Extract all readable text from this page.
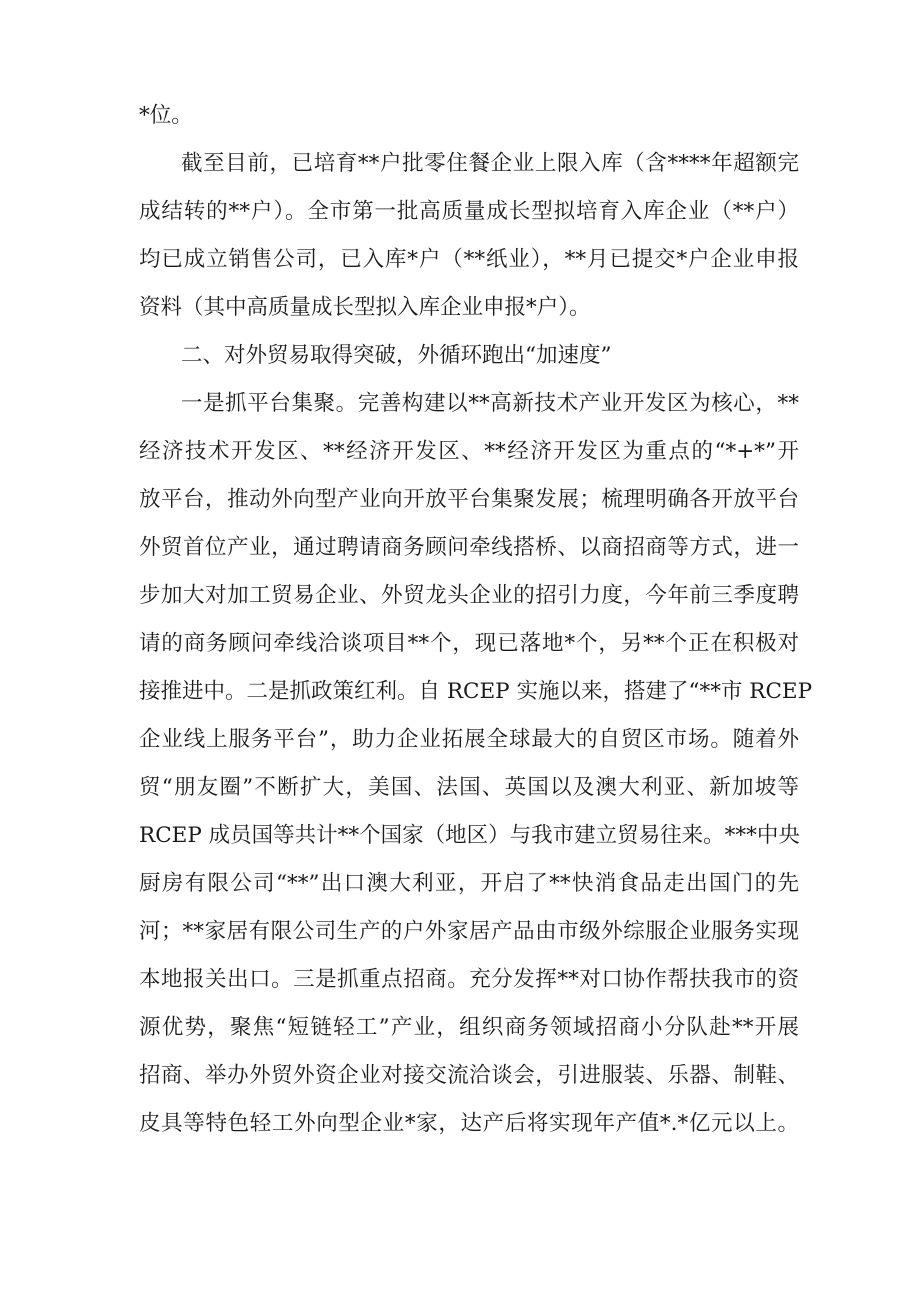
*位。
截至目前，已培育**户批零住餐企业上限入库（含****年超额完
成结转的**户）。全市第一批高质量成长型拟培育入库企业（**户）
均已成立销售公司，已入库*户（**纸业），**月已提交*户企业申报
资料（其中高质量成长型拟入库企业申报*户）。
二、对外贸易取得突破，外循环跑出“加速度”
一是抓平台集聚。完善构建以**高新技术产业开发区为核心，**
经济技术开发区、**经济开发区、**经济开发区为重点的“*+*”开
放平台，推动外向型产业向开放平台集聚发展；梳理明确各开放平台
外贸首位产业，通过聘请商务顾问牵线搭桥、以商招商等方式，进一
步加大对加工贸易企业、外贸龙头企业的招引力度，今年前三季度聘
请的商务顾问牵线洽谈项目**个，现已落地*个，另**个正在积极对
接推进中。二是抓政策红利。自 RCEP 实施以来，搭建了“**市 RCEP
企业线上服务平台”，助力企业拓展全球最大的自贸区市场。随着外
贸“朋友圈”不断扩大，美国、法国、英国以及澳大利亚、新加坡等
RCEP 成员国等共计**个国家（地区）与我市建立贸易往来。***中央
厨房有限公司“**”出口澳大利亚，开启了**快消食品走出国门的先
河；**家居有限公司生产的户外家居产品由市级外综服企业服务实现
本地报关出口。三是抓重点招商。充分发挥**对口协作帮扶我市的资
源优势，聚焦“短链轻工”产业，组织商务领域招商小分队赴**开展
招商、举办外贸外资企业对接交流洽谈会，引进服装、乐器、制鞋、
皮具等特色轻工外向型企业*家，达产后将实现年产值*.*亿元以上。
